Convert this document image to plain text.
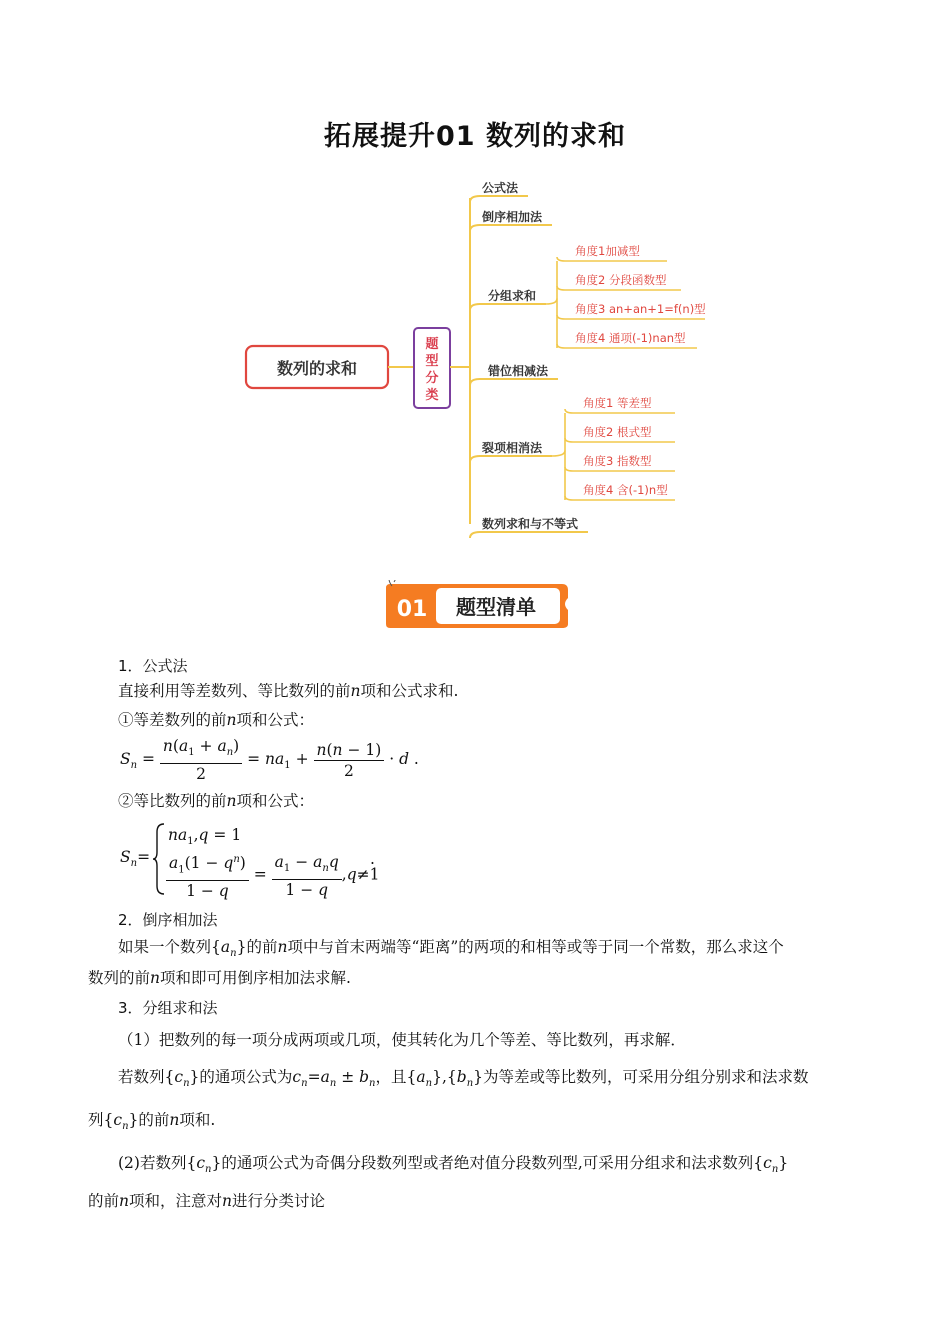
拓展提升01 数列的求和
数列的求和
题
型
分
类
公式法
倒序相加法
分组求和
角度1加减型
角度2 分段函数型
角度3 an+an+1=f(n)型
角度4 通项(-1)nan型
错位相减法
裂项相消法
角度1 等差型
角度2 根式型
角度3 指数型
角度4 含(-1)n型
数列求和与不等式
01 题型清单
1．公式法
直接利用等差数列、等比数列的前n项和公式求和.
①等差数列的前n项和公式：
$S_n = \frac{n(a_1 + a_n)}{2} = na_1 + \frac{n(n - 1)}{2} \cdot d$ .
②等比数列的前n项和公式：
$S_n=$
$na_1,q = 1$
$\frac{a_1(1 - q^n)}{1 - q} = \frac{a_1 - a_nq}{1 - q} ,q\ne 1$
.
2．倒序相加法
如果一个数列$\{a_n\}$的前n项中与首末两端等“距离”的两项的和相等或等于同一个常数，那么求这个
数列的前n项和即可用倒序相加法求解.
3．分组求和法
（1）把数列的每一项分成两项或几项，使其转化为几个等差、等比数列，再求解．
若数列$\{c_n\}$的通项公式为$c_n=a_n \pm b_n$，且$\{a_n\},\{b_n\}$为等差或等比数列，可采用分组分别求和法求数
列$\{c_n\}$的前n项和.
(2)若数列$\{c_n\}$的通项公式为奇偶分段数列型或者绝对值分段数列型,可采用分组求和法求数列$\{c_n\}$
的前n项和，注意对n进行分类讨论
